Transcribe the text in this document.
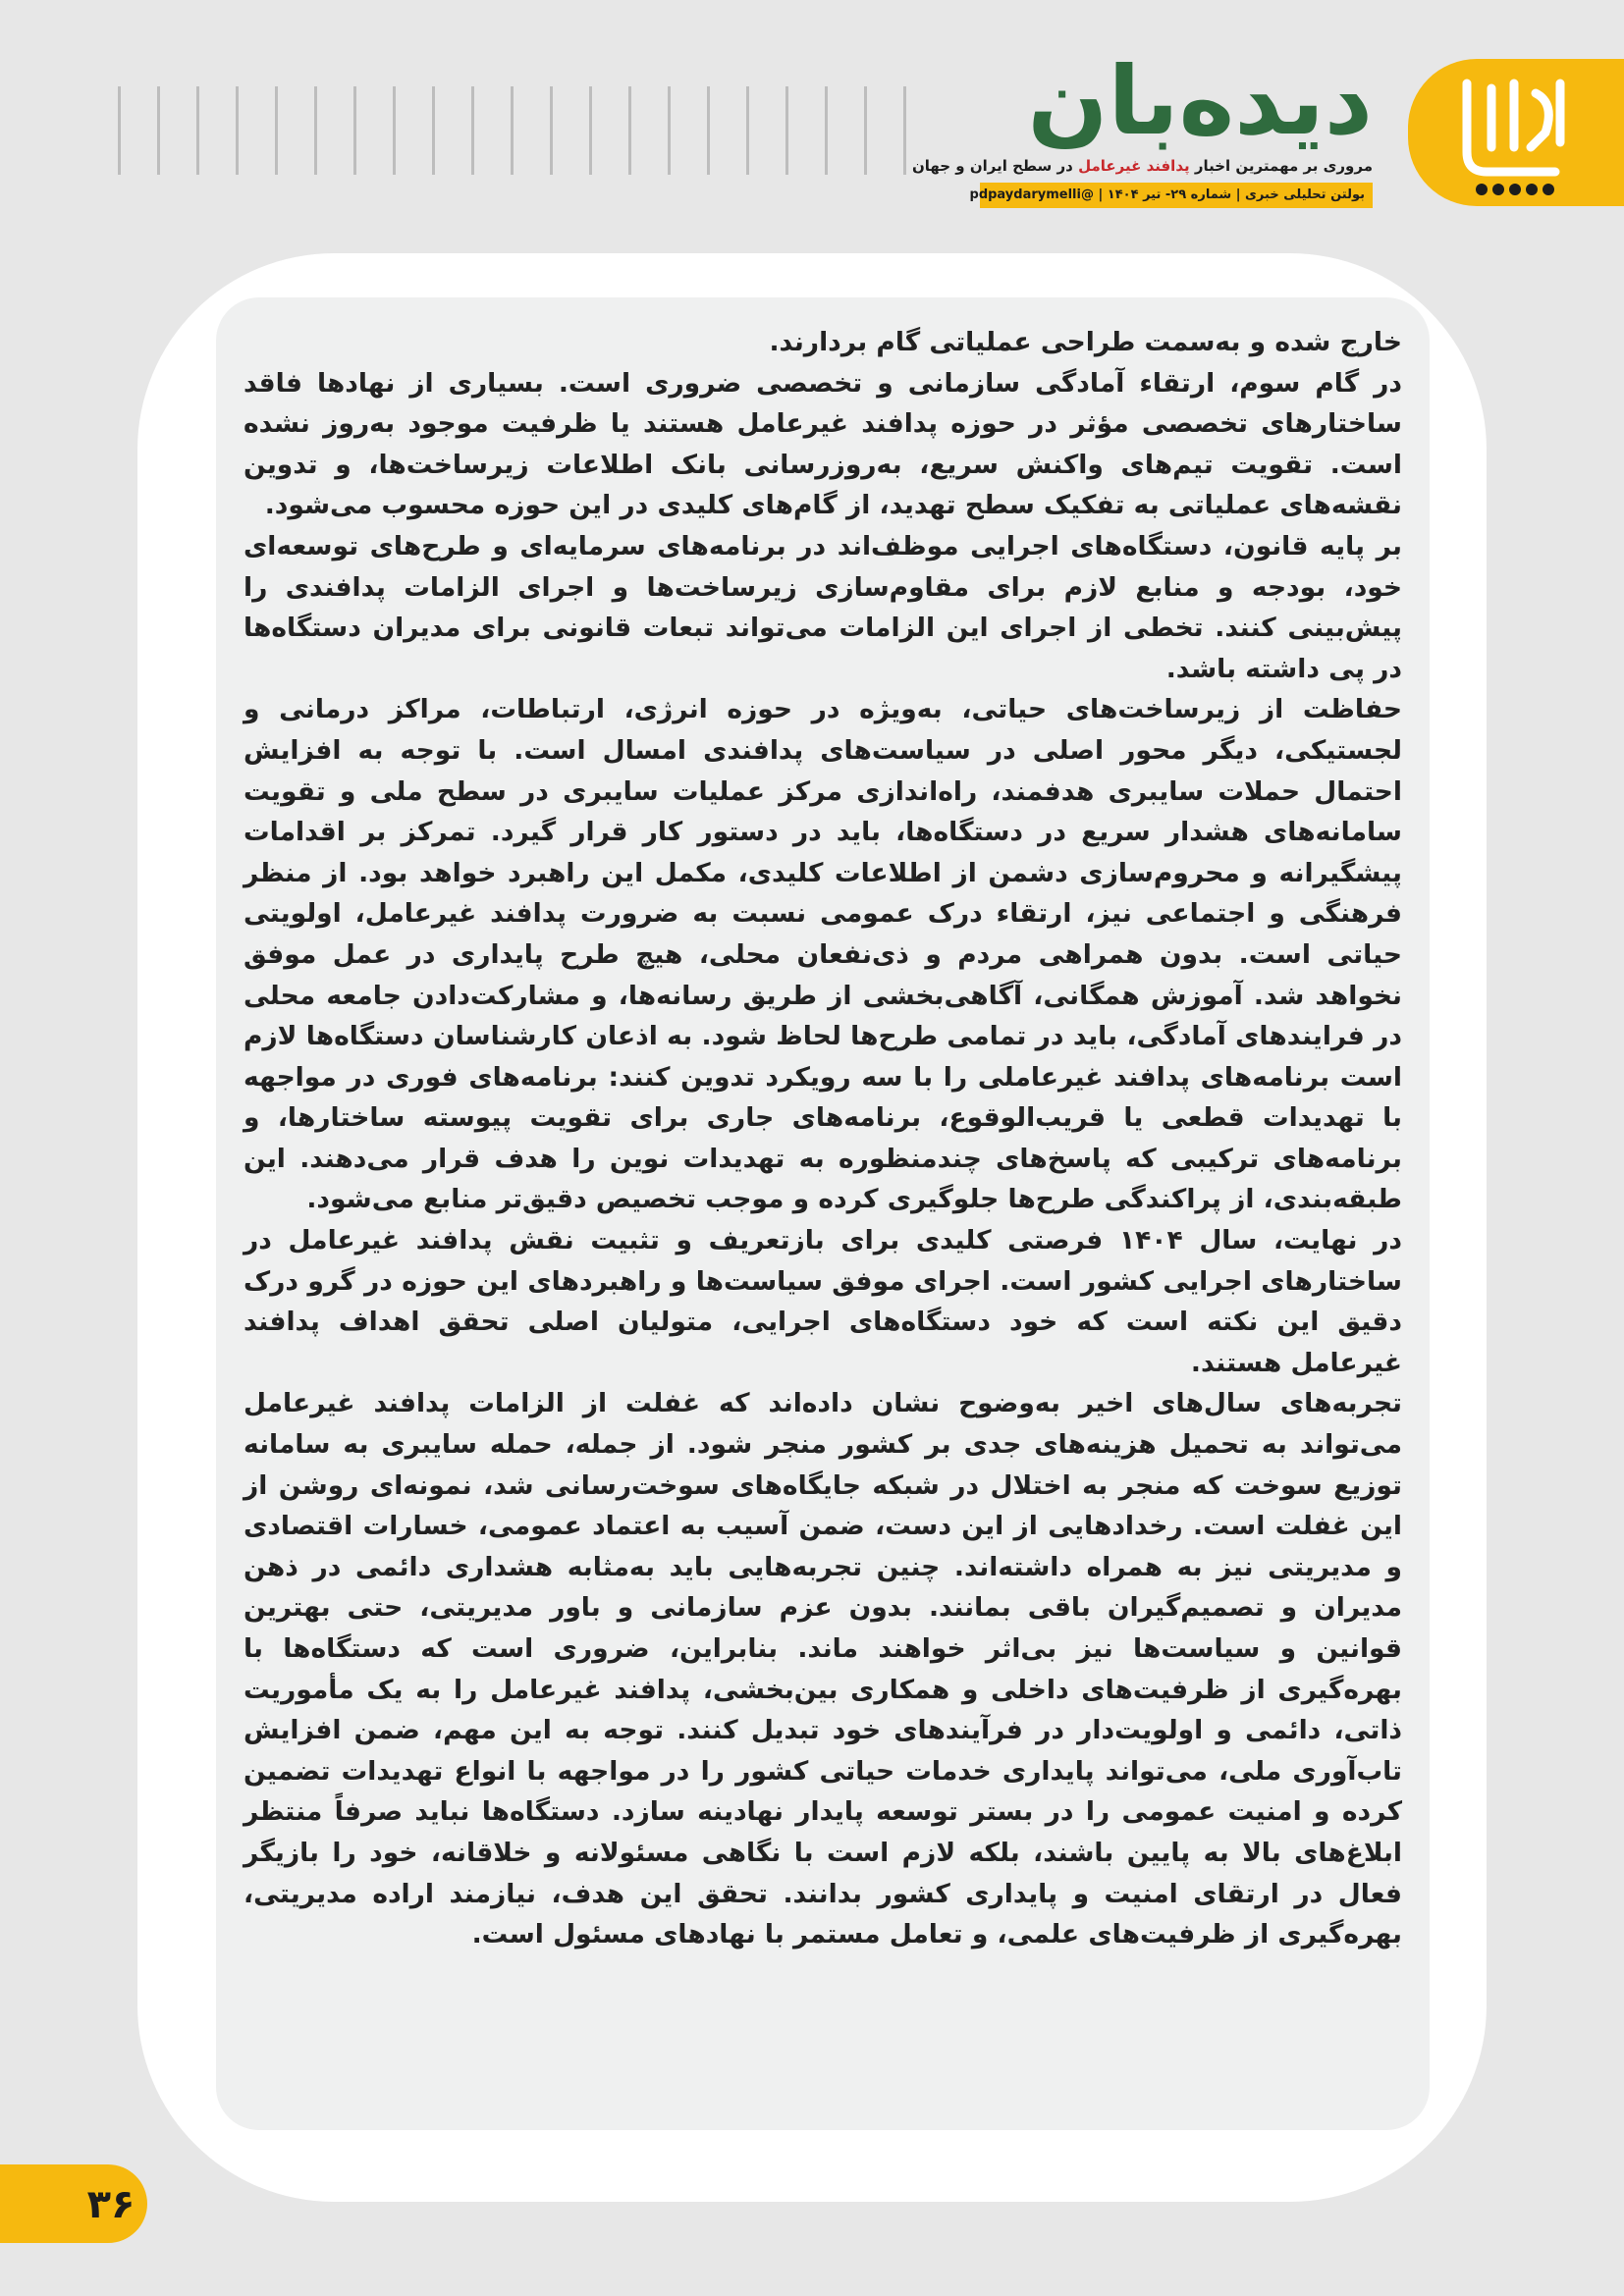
دیده‌بان
مروری بر مهمترین اخبار پدافند غیرعامل در سطح ایران و جهان
بولتن تحلیلی خبری | شماره ۲۹- تیر ۱۴۰۴ | @pdpaydarymelli

خارج شده و به‌سمت طراحی عملیاتی گام بردارند.

در گام سوم، ارتقاء آمادگی سازمانی و تخصصی ضروری است. بسیاری از نهادها فاقد ساختارهای تخصصی مؤثر در حوزه پدافند غیرعامل هستند یا ظرفیت موجود به‌روز نشده است. تقویت تیم‌های واکنش سریع، به‌روزرسانی بانک اطلاعات زیرساخت‌ها، و تدوین نقشه‌های عملیاتی به تفکیک سطح تهدید، از گام‌های کلیدی در این حوزه محسوب می‌شود.

بر پایه قانون، دستگاه‌های اجرایی موظف‌اند در برنامه‌های سرمایه‌ای و طرح‌های توسعه‌ای خود، بودجه و منابع لازم برای مقاوم‌سازی زیرساخت‌ها و اجرای الزامات پدافندی را پیش‌بینی کنند. تخطی از اجرای این الزامات می‌تواند تبعات قانونی برای مدیران دستگاه‌ها در پی داشته باشد.

حفاظت از زیرساخت‌های حیاتی، به‌ویژه در حوزه انرژی، ارتباطات، مراکز درمانی و لجستیکی، دیگر محور اصلی در سیاست‌های پدافندی امسال است. با توجه به افزایش احتمال حملات سایبری هدفمند، راه‌اندازی مرکز عملیات سایبری در سطح ملی و تقویت سامانه‌های هشدار سریع در دستگاه‌ها، باید در دستور کار قرار گیرد. تمرکز بر اقدامات پیشگیرانه و محروم‌سازی دشمن از اطلاعات کلیدی، مکمل این راهبرد خواهد بود. از منظر فرهنگی و اجتماعی نیز، ارتقاء درک عمومی نسبت به ضرورت پدافند غیرعامل، اولویتی حیاتی است. بدون همراهی مردم و ذی‌نفعان محلی، هیچ طرح پایداری در عمل موفق نخواهد شد. آموزش همگانی، آگاهی‌بخشی از طریق رسانه‌ها، و مشارکت‌دادن جامعه محلی در فرایندهای آمادگی، باید در تمامی طرح‌ها لحاظ شود. به اذعان کارشناسان دستگاه‌ها لازم است برنامه‌های پدافند غیرعاملی را با سه رویکرد تدوین کنند: برنامه‌های فوری در مواجهه با تهدیدات قطعی یا قریب‌الوقوع، برنامه‌های جاری برای تقویت پیوسته ساختارها، و برنامه‌های ترکیبی که پاسخ‌های چندمنظوره به تهدیدات نوین را هدف قرار می‌دهند. این طبقه‌بندی، از پراکندگی طرح‌ها جلوگیری کرده و موجب تخصیص دقیق‌تر منابع می‌شود.

در نهایت، سال ۱۴۰۴ فرصتی کلیدی برای بازتعریف و تثبیت نقش پدافند غیرعامل در ساختارهای اجرایی کشور است. اجرای موفق سیاست‌ها و راهبردهای این حوزه در گرو درک دقیق این نکته است که خود دستگاه‌های اجرایی، متولیان اصلی تحقق اهداف پدافند غیرعامل هستند.

تجربه‌های سال‌های اخیر به‌وضوح نشان داده‌اند که غفلت از الزامات پدافند غیرعامل می‌تواند به تحمیل هزینه‌های جدی بر کشور منجر شود. از جمله، حمله سایبری به سامانه توزیع سوخت که منجر به اختلال در شبکه جایگاه‌های سوخت‌رسانی شد، نمونه‌ای روشن از این غفلت است. رخدادهایی از این دست، ضمن آسیب به اعتماد عمومی، خسارات اقتصادی و مدیریتی نیز به همراه داشته‌اند. چنین تجربه‌هایی باید به‌مثابه هشداری دائمی در ذهن مدیران و تصمیم‌گیران باقی بمانند. بدون عزم سازمانی و باور مدیریتی، حتی بهترین قوانین و سیاست‌ها نیز بی‌اثر خواهند ماند. بنابراین، ضروری است که دستگاه‌ها با بهره‌گیری از ظرفیت‌های داخلی و همکاری بین‌بخشی، پدافند غیرعامل را به یک مأموریت ذاتی، دائمی و اولویت‌دار در فرآیندهای خود تبدیل کنند. توجه به این مهم، ضمن افزایش تاب‌آوری ملی، می‌تواند پایداری خدمات حیاتی کشور را در مواجهه با انواع تهدیدات تضمین کرده و امنیت عمومی را در بستر توسعه پایدار نهادینه سازد. دستگاه‌ها نباید صرفاً منتظر ابلاغ‌های بالا به پایین باشند، بلکه لازم است با نگاهی مسئولانه و خلاقانه، خود را بازیگر فعال در ارتقای امنیت و پایداری کشور بدانند. تحقق این هدف، نیازمند اراده مدیریتی، بهره‌گیری از ظرفیت‌های علمی، و تعامل مستمر با نهادهای مسئول است.

۳۶
